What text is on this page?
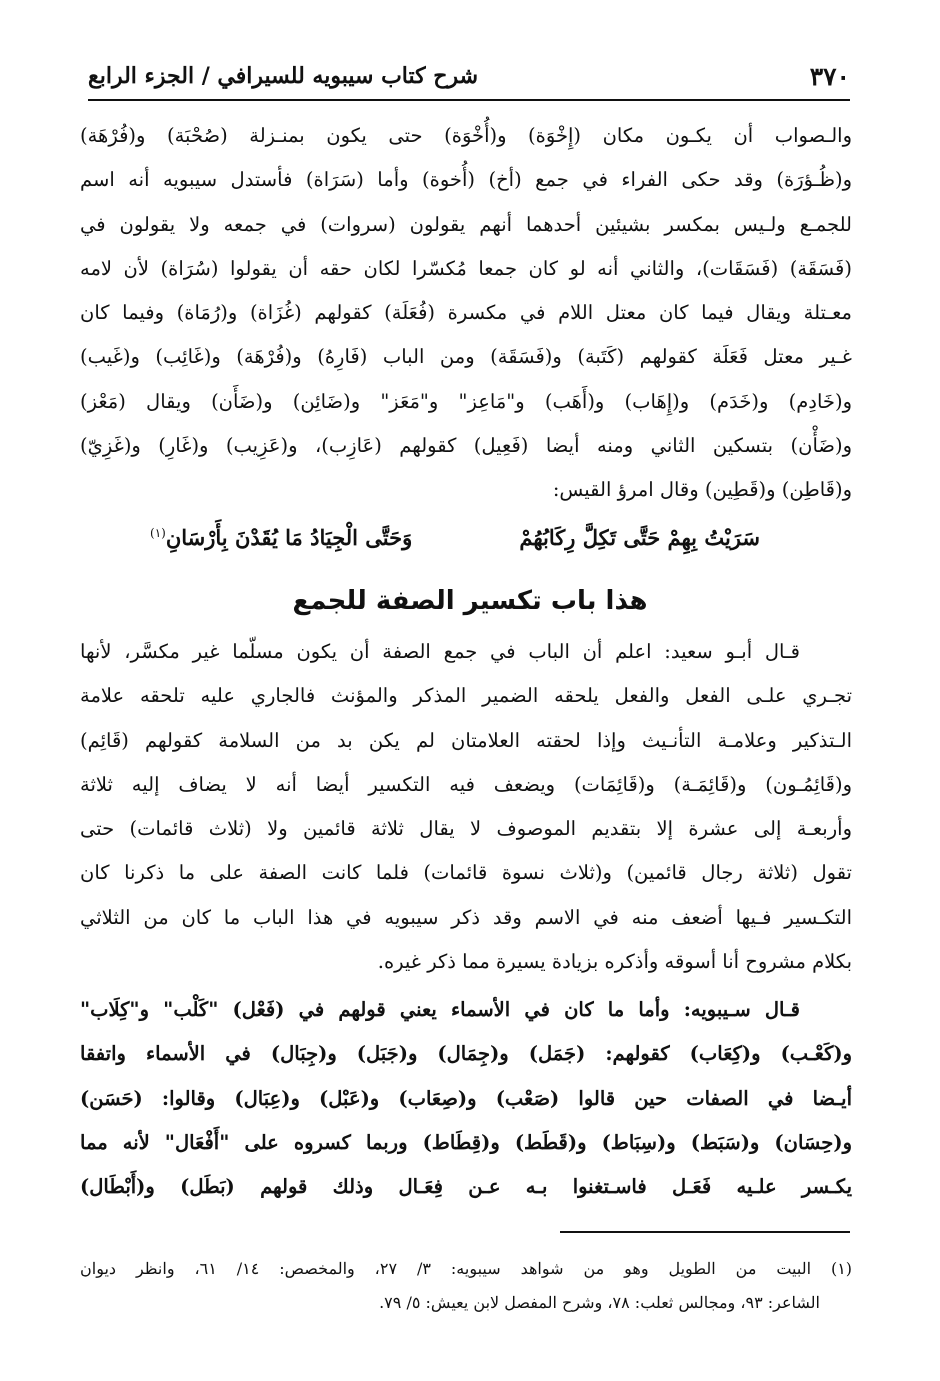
٣٧٠
شرح كتاب سيبويه للسيرافي / الجزء الرابع
والـصواب أن يكـون مكان (إِخْوَة) و(أُخْوَة) حتى يكون بمنـزلة (صُحْبَة) و(فُرْهَة)
و(ظُـؤرَة) وقد حكى الفراء في جمع (أخ) (أُخوة) وأما (سَرَاة) فأستدل سيبويه أنه اسم
للجمـع ولـيس بمكسر بشيئين أحدهما أنهم يقولون (سروات) في جمعه ولا يقولون في
(فَسَقَة) (فَسَقَات)، والثاني أنه لو كان جمعا مُكسّرا لكان حقه أن يقولوا (سُرَاة) لأن لامه
معـتلة ويقال فيما كان معتل اللام في مكسرة (فُعَلَة) كقولهم (غُزَاة) و(رُمَاة) وفيما كان
غـير معتل فَعَلَة كقولهم (كَتَبة) و(فَسَقَة) ومن الباب (فَارِهُ) و(فُرْهَة) و(غَائِب) و(غَيب)
و(خَادِم) و(خَدَم) و(إِهَاب) و(أَهَب) و"مَاعِز" و"مَعَز" و(ضَائِن) و(ضَأَن) ويقال (مَعْز)
و(ضَأْن) بتسكين الثاني ومنه أيضا (فَعِيل) كقولهم (عَازِب)، و(عَزِيب) و(غَارِ) و(غَزِيّ)
و(قَاطِن) و(قَطِين) وقال امرؤ القيس:
سَرَيْتُ بِهِمْ حَتَّى تَكِلَّ رِكَابُهُمْ
وَحَتَّى الْجِيَادُ مَا يُقَدْنَ بِأَرْسَانِ$^{(١)}$
هذا باب تكسير الصفة للجمع
قـال أبـو سعيد: اعلم أن الباب في جمع الصفة أن يكون مسلّما غير مكسَّر، لأنها
تجـري علـى الفعل والفعل يلحقه الضمير المذكر والمؤنث فالجاري عليه تلحقه علامة
الـتذكير وعلامـة التأنـيث وإذا لحقته العلامتان لم يكن بد من السلامة كقولهم (قَائِم)
و(قَائِمُـون) و(قَائِمَـة) و(قَائِمَات) ويضعف فيه التكسير أيضا أنه لا يضاف إليه ثلاثة
وأربعـة إلى عشرة إلا بتقديم الموصوف لا يقال ثلاثة قائمين ولا (ثلاث قائمات) حتى
تقول (ثلاثة رجال قائمين) و(ثلاث نسوة قائمات) فلما كانت الصفة على ما ذكرنا كان
التكـسير فـيها أضعف منه في الاسم وقد ذكر سيبويه في هذا الباب ما كان من الثلاثي
بكلام مشروح أنا أسوقه وأذكره بزيادة يسيرة مما ذكر غيره.
قـال سـيبويه: وأما ما كان في الأسماء يعني قولهم في (فَعْل) "كَلْب" و"كِلَاب"
و(كَعْـب) و(كِعَاب) كقولهم: (جَمَل) و(جِمَال) و(جَبَل) و(جِبَال) في الأسماء واتفقا
أيـضا في الصفات حين قالوا (صَعْب) و(صِعَاب) و(عَبْل) و(عِبَال) وقالوا: (حَسَن)
و(حِسَان) و(سَبَط) و(سِبَاط) و(قَطَط) و(قِطَاط) وربما كسروه على "أَفْعَال" لأنه مما
يكـسر علـيه فَعَـل فاسـتغنوا بـه عـن فِعَـال وذلك قولهم (بَطَل) و(أَبْطَال)
(١) البيت من الطويل وهو من شواهد سيبويه: ٣/ ٢٧، والمخصص: ١٤/ ٦١، وانظر ديوان
الشاعر: ٩٣، ومجالس ثعلب: ٧٨، وشرح المفصل لابن يعيش: ٥/ ٧٩.
